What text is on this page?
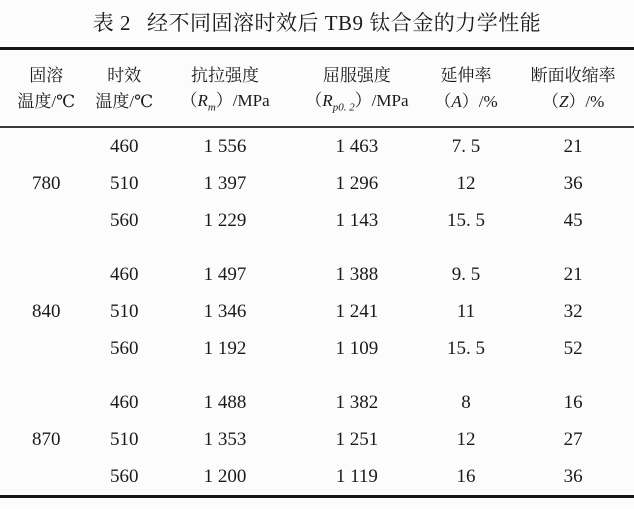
表 2 经不同固溶时效后 TB9 钛合金的力学性能
固溶	时效	抗拉强度	屈服强度	延伸率	断面收缩率
温度/℃	温度/℃	$(R_m)$/MPa	$(R_{p0. 2})$/MPa	（A）/%	（Z）/%
780	460	1 556	1 463	7. 5	21
	510	1 397	1 296	12	36
	560	1 229	1 143	15. 5	45

840	460	1 497	1 388	9. 5	21
	510	1 346	1 241	11	32
	560	1 192	1 109	15. 5	52

870	460	1 488	1 382	8	16
	510	1 353	1 251	12	27
	560	1 200	1 119	16	36
